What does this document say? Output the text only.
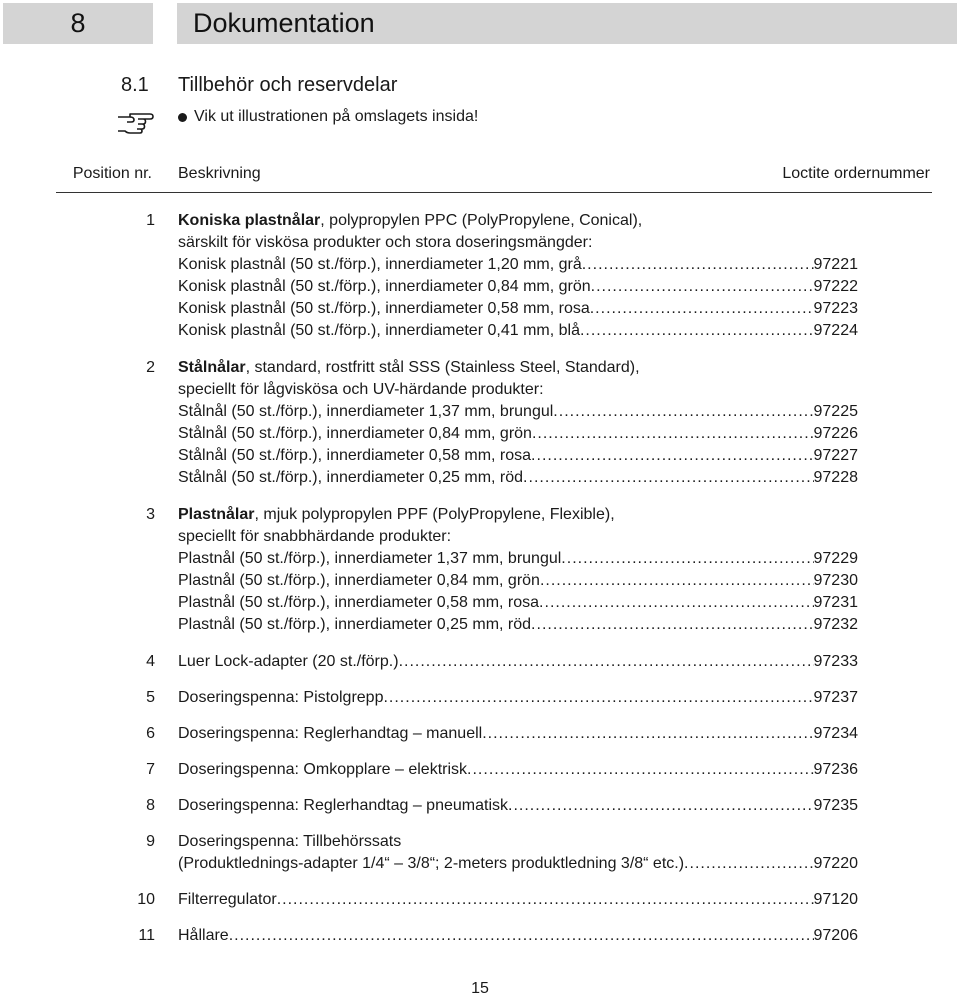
8	Dokumentation
8.1 Tillbehör och reservdelar
Vik ut illustrationen på omslagets insida!
Position nr. Beskrivning	Loctite ordernummer
1 Koniska plastnålar, polypropylen PPC (PolyPropylene, Conical),
särskilt för viskösa produkter och stora doseringsmängder:
Konisk plastnål (50 st./förp.), innerdiameter 1,20 mm, grå .....	97221
Konisk plastnål (50 st./förp.), innerdiameter 0,84 mm, grön .....	97222
Konisk plastnål (50 st./förp.), innerdiameter 0,58 mm, rosa .....	97223
Konisk plastnål (50 st./förp.), innerdiameter 0,41 mm, blå .....	97224
2 Stålnålar, standard, rostfritt stål SSS (Stainless Steel, Standard),
speciellt för lågviskösa och UV-härdande produkter:
Stålnål (50 st./förp.), innerdiameter 1,37 mm, brungul .....	97225
Stålnål (50 st./förp.), innerdiameter 0,84 mm, grön .....	97226
Stålnål (50 st./förp.), innerdiameter 0,58 mm, rosa .....	97227
Stålnål (50 st./förp.), innerdiameter 0,25 mm, röd .....	97228
3 Plastnålar, mjuk polypropylen PPF (PolyPropylene, Flexible),
speciellt för snabbhärdande produkter:
Plastnål (50 st./förp.), innerdiameter 1,37 mm, brungul .....	97229
Plastnål (50 st./förp.), innerdiameter 0,84 mm, grön .....	97230
Plastnål (50 st./förp.), innerdiameter 0,58 mm, rosa .....	97231
Plastnål (50 st./förp.), innerdiameter 0,25 mm, röd .....	97232
4 Luer Lock-adapter (20 st./förp.) .....	97233
5 Doseringspenna: Pistolgrepp .....	97237
6 Doseringspenna: Reglerhandtag – manuell .....	97234
7 Doseringspenna: Omkopplare – elektrisk .....	97236
8 Doseringspenna: Reglerhandtag – pneumatisk .....	97235
9 Doseringspenna: Tillbehörssats
(Produktlednings-adapter 1/4“ – 3/8“; 2-meters produktledning 3/8“ etc.) .....	97220
10 Filterregulator .....	97120
11 Hållare .....	97206
15
